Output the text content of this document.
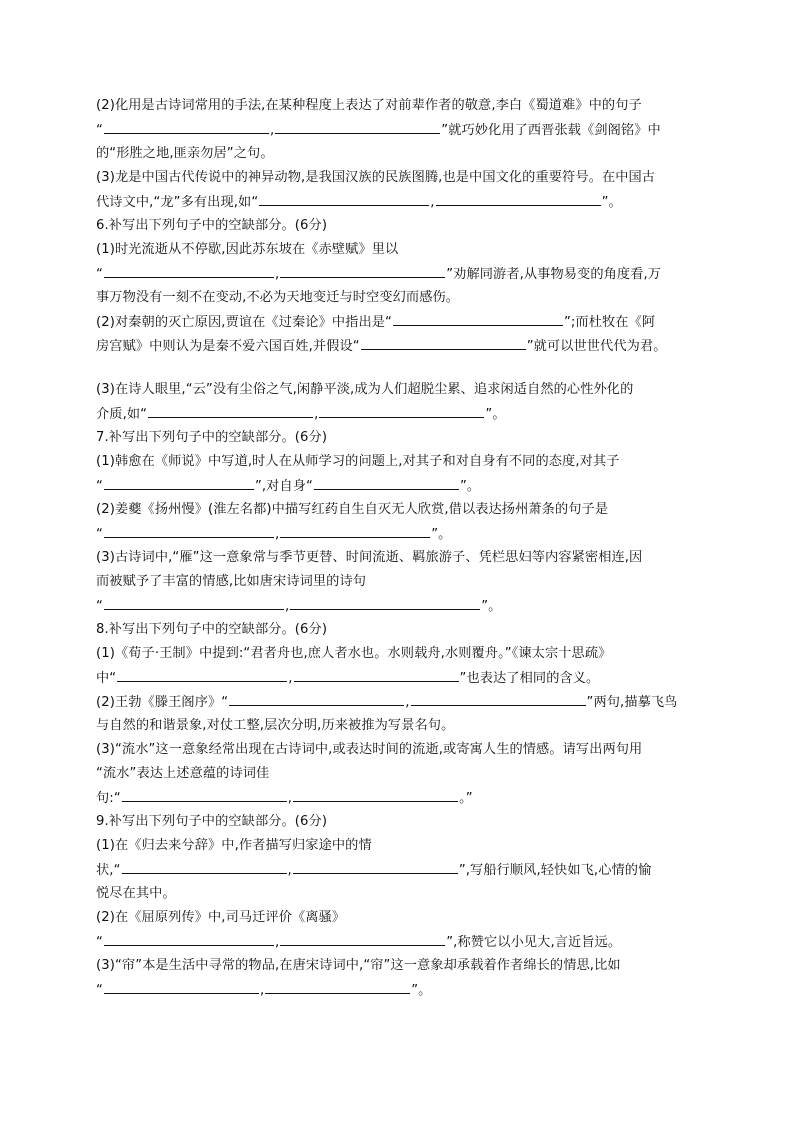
(2)化用是古诗词常用的手法,在某种程度上表达了对前辈作者的敬意,李白《蜀道难》中的句子
“	,	”就巧妙化用了西晋张载《剑阁铭》中
的“形胜之地,匪亲勿居”之句。
(3)龙是中国古代传说中的神异动物,是我国汉族的民族图腾,也是中国文化的重要符号。在中国古
代诗文中,“龙”多有出现,如“	,	”。
6.补写出下列句子中的空缺部分。(6分)
(1)时光流逝从不停歇,因此苏东坡在《赤壁赋》里以
“	,	”劝解同游者,从事物易变的角度看,万
事万物没有一刻不在变动,不必为天地变迁与时空变幻而感伤。
(2)对秦朝的灭亡原因,贾谊在《过秦论》中指出是“	”;而杜牧在《阿
房宫赋》中则认为是秦不爱六国百姓,并假设“	”就可以世世代代为君。
(3)在诗人眼里,“云”没有尘俗之气,闲静平淡,成为人们超脱尘累、追求闲适自然的心性外化的
介质,如“	,	”。
7.补写出下列句子中的空缺部分。(6分)
(1)韩愈在《师说》中写道,时人在从师学习的问题上,对其子和对自身有不同的态度,对其子
“	”,对自身“	”。
(2)姜夔《扬州慢》(淮左名都)中描写红药自生自灭无人欣赏,借以表达扬州萧条的句子是
“	,	”。
(3)古诗词中,“雁”这一意象常与季节更替、时间流逝、羁旅游子、凭栏思妇等内容紧密相连,因
而被赋予了丰富的情感,比如唐宋诗词里的诗句
“	,	”。
8.补写出下列句子中的空缺部分。(6分)
(1)《荀子·王制》中提到:“君者舟也,庶人者水也。水则载舟,水则覆舟。”《谏太宗十思疏》
中“	,	”也表达了相同的含义。
(2)王勃《滕王阁序》“	,	”两句,描摹飞鸟
与自然的和谐景象,对仗工整,层次分明,历来被推为写景名句。
(3)“流水”这一意象经常出现在古诗词中,或表达时间的流逝,或寄寓人生的情感。请写出两句用
“流水”表达上述意蕴的诗词佳
句:“	,	。”
9.补写出下列句子中的空缺部分。(6分)
(1)在《归去来兮辞》中,作者描写归家途中的情
状,“	,	”,写船行顺风,轻快如飞,心情的愉
悦尽在其中。
(2)在《屈原列传》中,司马迁评价《离骚》
“	,	”,称赞它以小见大,言近旨远。
(3)“帘”本是生活中寻常的物品,在唐宋诗词中,“帘”这一意象却承载着作者绵长的情思,比如
“	,	”。
